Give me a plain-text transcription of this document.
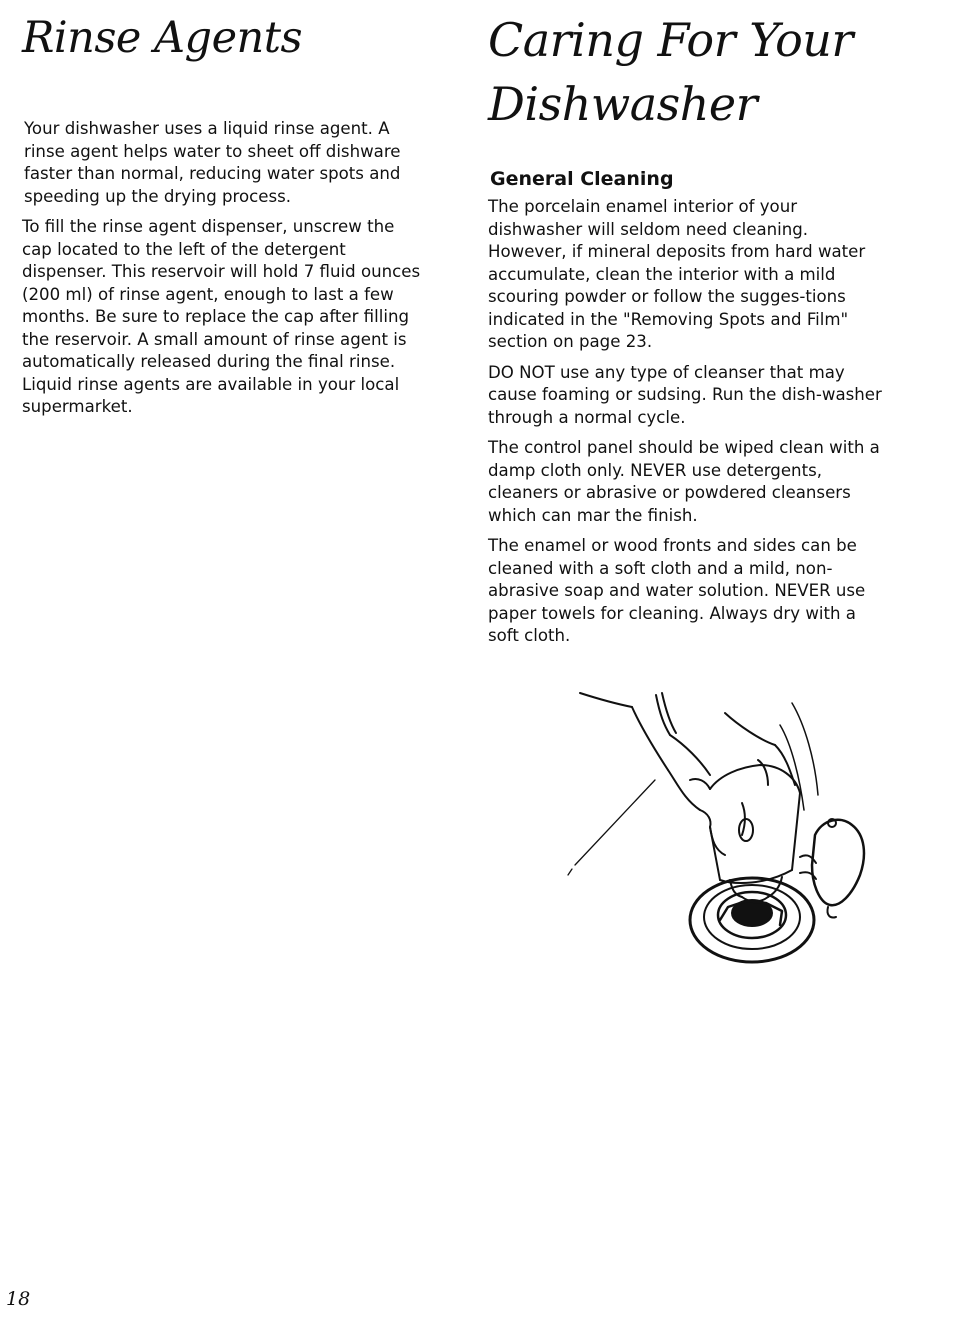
Rinse Agents

Your dishwasher uses a liquid rinse agent. A rinse agent helps water to sheet off dishware faster than normal, reducing water spots and speeding up the drying process.

To fill the rinse agent dispenser, unscrew the cap located to the left of the detergent dispenser. This reservoir will hold 7 fluid ounces (200 ml) of rinse agent, enough to last a few months. Be sure to replace the cap after filling the reservoir. A small amount of rinse agent is automatically released during the final rinse. Liquid rinse agents are available in your local supermarket.

Caring For Your Dishwasher
General Cleaning

The porcelain enamel interior of your dishwasher will seldom need cleaning. However, if mineral deposits from hard water accumulate, clean the interior with a mild scouring powder or follow the sugges-tions indicated in the "Removing Spots and Film" section on page 23.

DO NOT use any type of cleanser that may cause foaming or sudsing. Run the dish-washer through a normal cycle.

The control panel should be wiped clean with a damp cloth only. NEVER use detergents, cleaners or abrasive or powdered cleansers which can mar the finish.

The enamel or wood fronts and sides can be cleaned with a soft cloth and a mild, non-abrasive soap and water solution. NEVER use paper towels for cleaning. Always dry with a soft cloth.

18
